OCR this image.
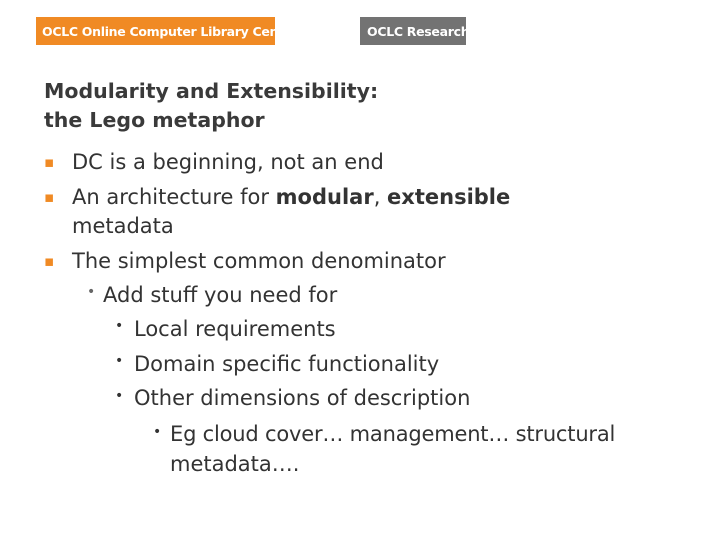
OCLC Online Computer Library Center	OCLC Research
Modularity and Extensibility:
the Lego metaphor
▪ DC is a beginning, not an end
▪ An architecture for modular, extensible
metadata
▪ The simplest common denominator
• Add stuff you need for
• Local requirements
• Domain specific functionality
• Other dimensions of description
• Eg cloud cover… management… structural
metadata….
